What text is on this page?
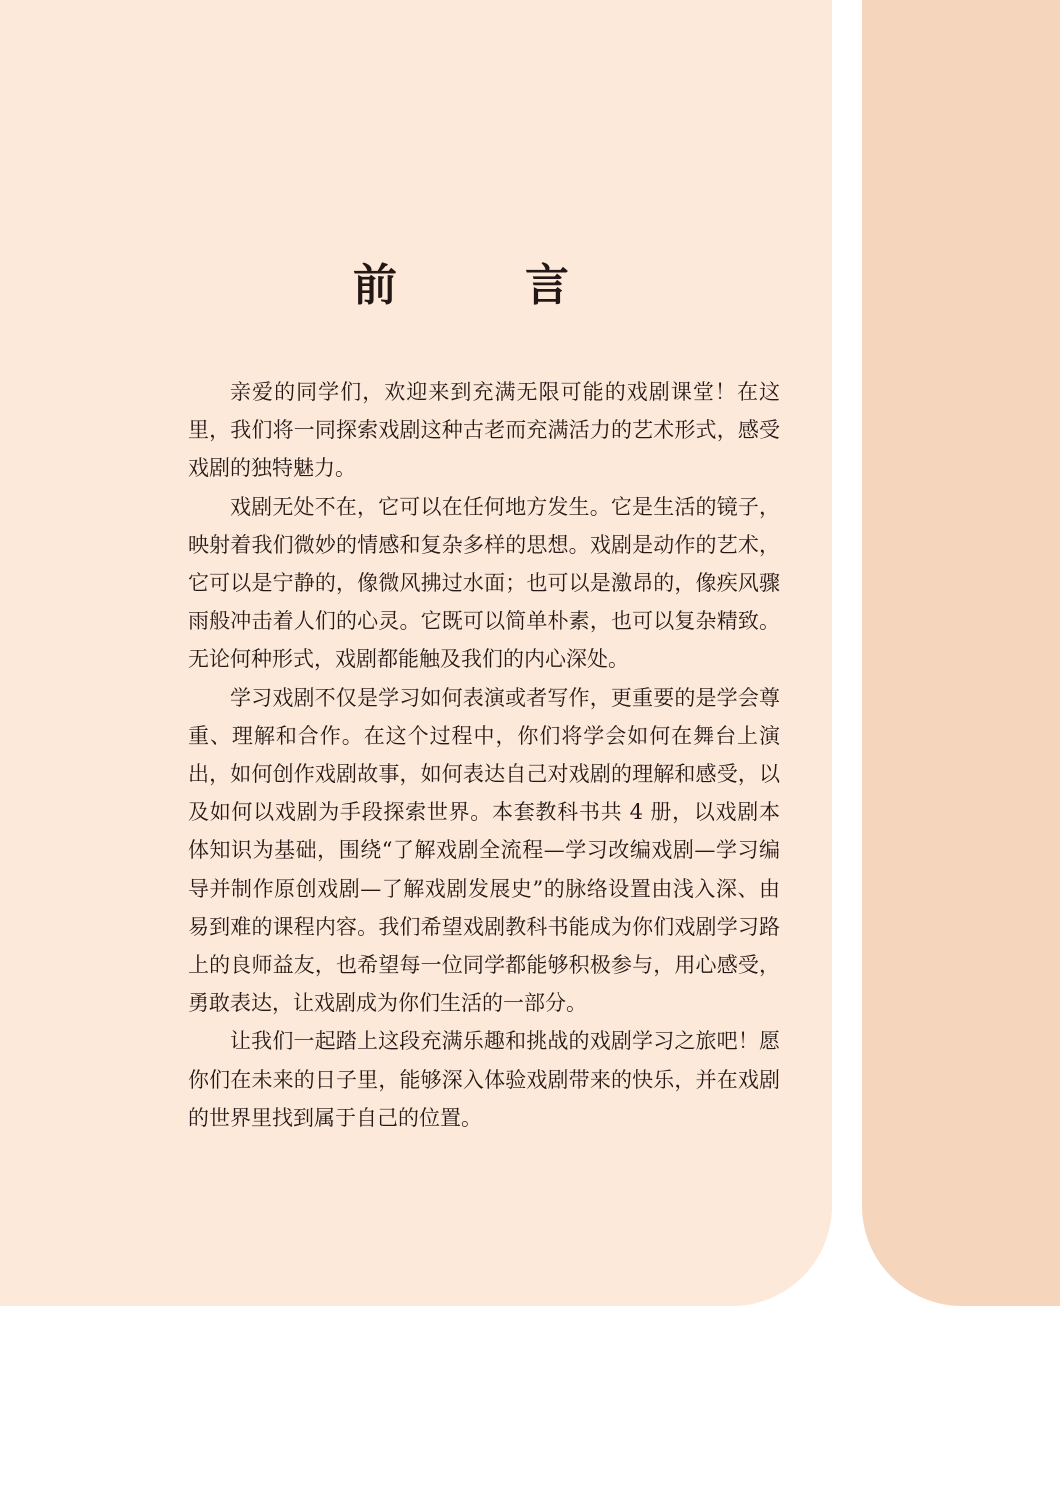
前　言

亲爱的同学们，欢迎来到充满无限可能的戏剧课堂！在这里，我们将一同探索戏剧这种古老而充满活力的艺术形式，感受戏剧的独特魅力。

戏剧无处不在，它可以在任何地方发生。它是生活的镜子，映射着我们微妙的情感和复杂多样的思想。戏剧是动作的艺术，它可以是宁静的，像微风拂过水面；也可以是激昂的，像疾风骤雨般冲击着人们的心灵。它既可以简单朴素，也可以复杂精致。无论何种形式，戏剧都能触及我们的内心深处。

学习戏剧不仅是学习如何表演或者写作，更重要的是学会尊重、理解和合作。在这个过程中，你们将学会如何在舞台上演出，如何创作戏剧故事，如何表达自己对戏剧的理解和感受，以及如何以戏剧为手段探索世界。本套教科书共 4 册，以戏剧本体知识为基础，围绕“了解戏剧全流程—学习改编戏剧—学习编导并制作原创戏剧—了解戏剧发展史”的脉络设置由浅入深、由易到难的课程内容。我们希望戏剧教科书能成为你们戏剧学习路上的良师益友，也希望每一位同学都能够积极参与，用心感受，勇敢表达，让戏剧成为你们生活的一部分。

让我们一起踏上这段充满乐趣和挑战的戏剧学习之旅吧！愿你们在未来的日子里，能够深入体验戏剧带来的快乐，并在戏剧的世界里找到属于自己的位置。
